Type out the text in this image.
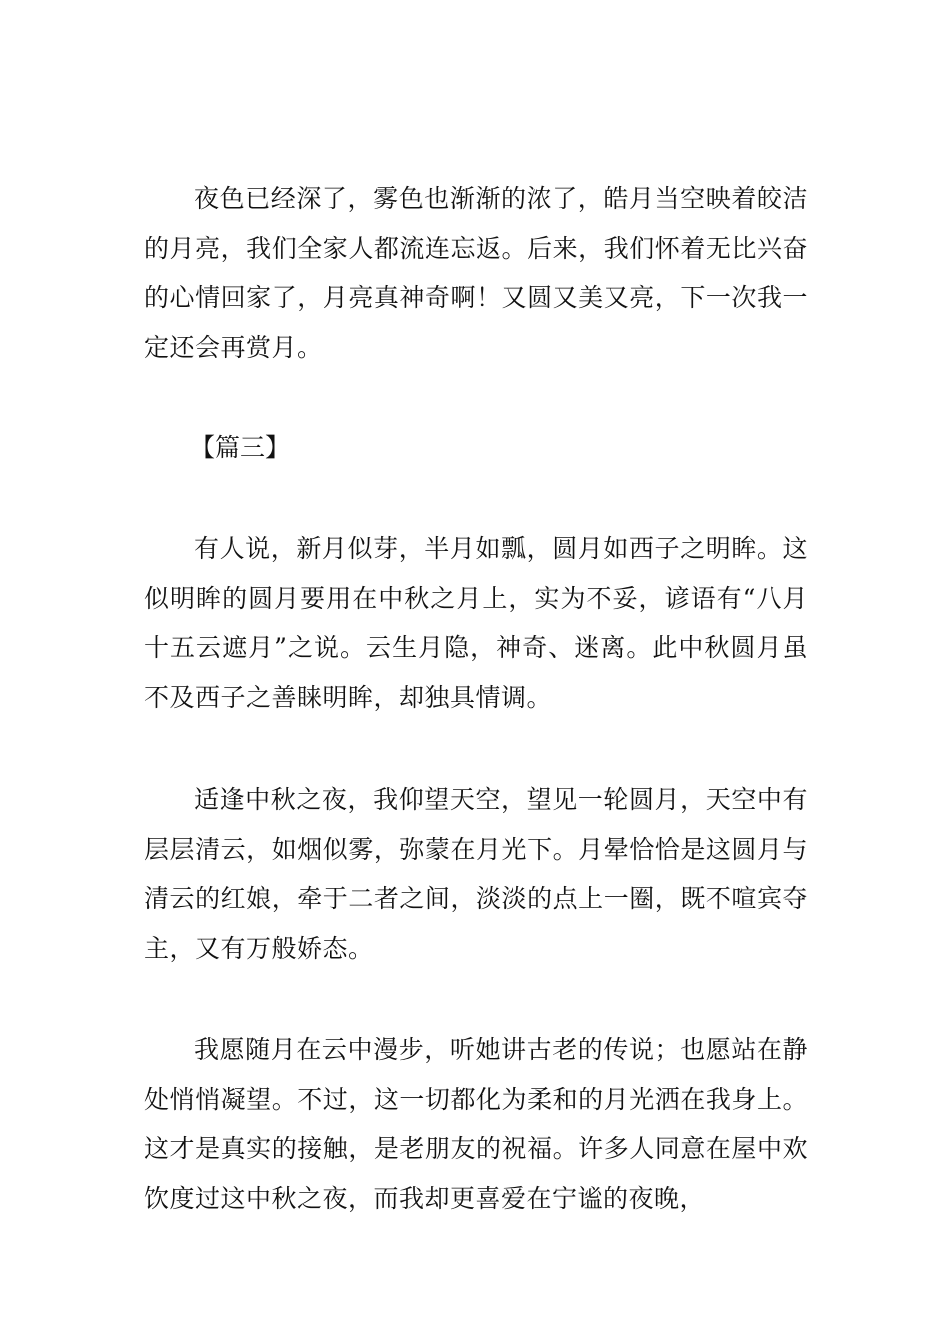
夜色已经深了，雾色也渐渐的浓了，皓月当空映着皎洁的月亮，我们全家人都流连忘返。后来，我们怀着无比兴奋的心情回家了，月亮真神奇啊！又圆又美又亮，下一次我一定还会再赏月。

【篇三】

有人说，新月似芽，半月如瓢，圆月如西子之明眸。这似明眸的圆月要用在中秋之月上，实为不妥，谚语有“八月十五云遮月”之说。云生月隐，神奇、迷离。此中秋圆月虽不及西子之善睐明眸，却独具情调。

适逢中秋之夜，我仰望天空，望见一轮圆月，天空中有层层清云，如烟似雾，弥蒙在月光下。月晕恰恰是这圆月与清云的红娘，牵于二者之间，淡淡的点上一圈，既不喧宾夺主，又有万般娇态。

我愿随月在云中漫步，听她讲古老的传说；也愿站在静处悄悄凝望。不过，这一切都化为柔和的月光洒在我身上。这才是真实的接触，是老朋友的祝福。许多人同意在屋中欢饮度过这中秋之夜，而我却更喜爱在宁谧的夜晚，
